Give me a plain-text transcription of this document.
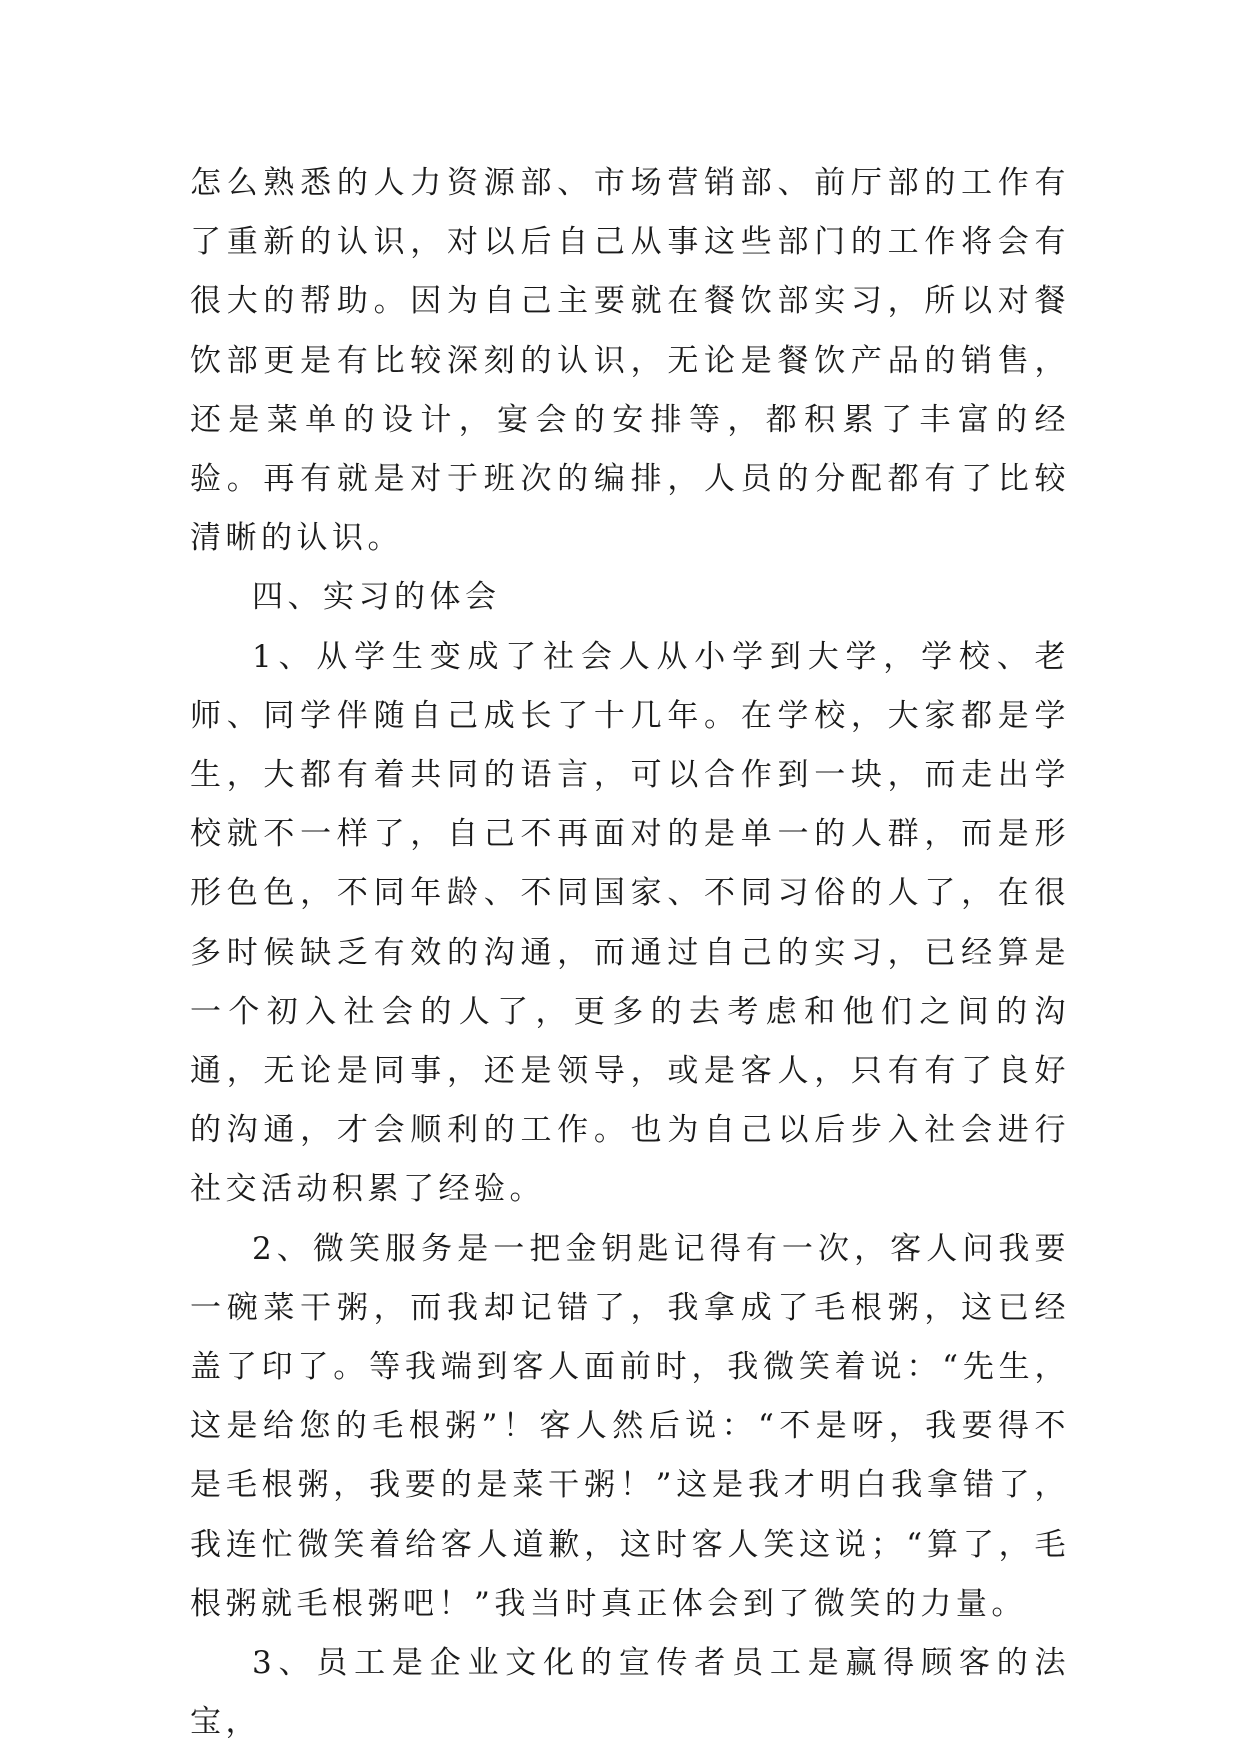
怎么熟悉的人力资源部、市场营销部、前厅部的工作有了重新的认识，对以后自己从事这些部门的工作将会有很大的帮助。因为自己主要就在餐饮部实习，所以对餐饮部更是有比较深刻的认识，无论是餐饮产品的销售，还是菜单的设计，宴会的安排等，都积累了丰富的经验。再有就是对于班次的编排，人员的分配都有了比较清晰的认识。

四、实习的体会

1、从学生变成了社会人从小学到大学，学校、老师、同学伴随自己成长了十几年。在学校，大家都是学生，大都有着共同的语言，可以合作到一块，而走出学校就不一样了，自己不再面对的是单一的人群，而是形形色色，不同年龄、不同国家、不同习俗的人了，在很多时候缺乏有效的沟通，而通过自己的实习，已经算是一个初入社会的人了，更多的去考虑和他们之间的沟通，无论是同事，还是领导，或是客人，只有有了良好的沟通，才会顺利的工作。也为自己以后步入社会进行社交活动积累了经验。

2、微笑服务是一把金钥匙记得有一次，客人问我要一碗菜干粥，而我却记错了，我拿成了毛根粥，这已经盖了印了。等我端到客人面前时，我微笑着说：“先生，这是给您的毛根粥”！客人然后说：“不是呀，我要得不是毛根粥，我要的是菜干粥！”这是我才明白我拿错了，我连忙微笑着给客人道歉，这时客人笑这说；“算了，毛根粥就毛根粥吧！”我当时真正体会到了微笑的力量。

3、员工是企业文化的宣传者员工是赢得顾客的法宝，
